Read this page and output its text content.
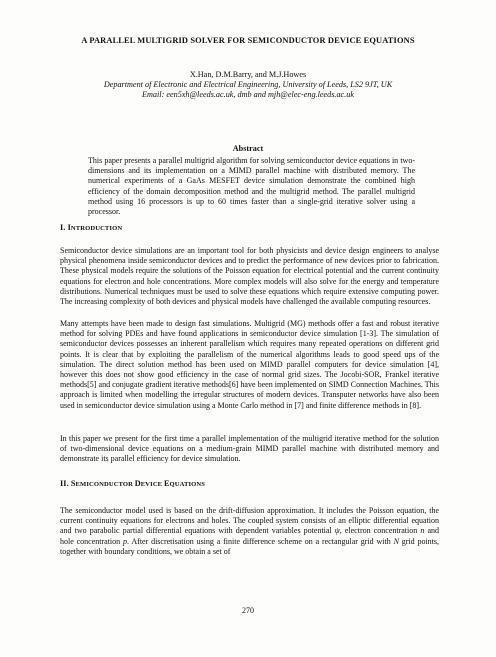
A PARALLEL MULTIGRID SOLVER FOR SEMICONDUCTOR DEVICE EQUATIONS
X.Han, D.M.Barry, and M.J.Howes
Department of Electronic and Electrical Engineering, University of Leeds, LS2 9JT, UK
Email: een5xh@leeds.ac.uk, dmb and mjh@elec-eng.leeds.ac.uk
Abstract
This paper presents a parallel multigrid algorithm for solving semiconductor device equations in two-dimensions and its implementation on a MIMD parallel machine with distributed memory. The numerical experiments of a GaAs MESFET device simulation demonstrate the combined high efficiency of the domain decomposition method and the multigrid method. The parallel multigrid method using 16 processors is up to 60 times faster than a single-grid iterative solver using a processor.
I. INTRODUCTION
Semiconductor device simulations are an important tool for both physicists and device design engineers to analyse physical phenomena inside semiconductor devices and to predict the performance of new devices prior to fabrication. These physical models require the solutions of the Poisson equation for electrical potential and the current continuity equations for electron and hole concentrations. More complex models will also solve for the energy and temperature distributions. Numerical techniques must be used to solve these equations which require extensive computing power. The increasing complexity of both devices and physical models have challenged the available computing resources.
Many attempts have been made to design fast simulations. Multigrid (MG) methods offer a fast and robust iterative method for solving PDEs and have found applications in semiconductor device simulation [1-3]. The simulation of semiconductor devices possesses an inherent parallelism which requires many repeated operations on different grid points. It is clear that by exploiting the parallelism of the numerical algorithms leads to good speed ups of the simulation. The direct solution method has been used on MIMD parallel computers for device simulation [4], however this does not show good efficiency in the case of normal grid sizes. The Jocobi-SOR, Frankel iterative methods[5] and conjugate gradient iterative methods[6] have been implemented on SIMD Connection Machines. This approach is limited when modelling the irregular structures of modern devices. Transputer networks have also been used in semiconductor device simulation using a Monte Carlo method in [7] and finite difference methods in [8].
In this paper we present for the first time a parallel implementation of the multigrid iterative method for the solution of two-dimensional device equations on a medium-grain MIMD parallel machine with distributed memory and demonstrate its parallel efficiency for device simulation.
II. SEMICONDUCTOR DEVICE EQUATIONS
The semiconductor model used is based on the drift-diffusion approximation. It includes the Poisson equation, the current continuity equations for electrons and holes. The coupled system consists of an elliptic differential equation and two parabolic partial differential equations with dependent variables potential ψ, electron concentration n and hole concentration p. After discretisation using a finite difference scheme on a rectangular grid with N grid points, together with boundary conditions, we obtain a set of
270
